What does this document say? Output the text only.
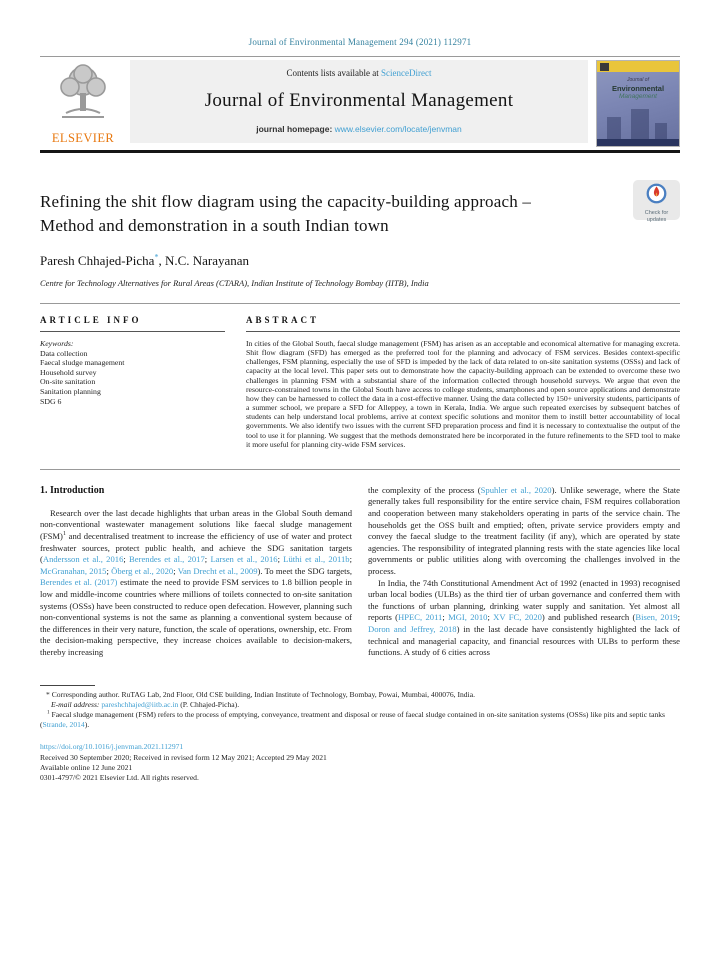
Journal of Environmental Management 294 (2021) 112971
ELSEVIER
Contents lists available at ScienceDirect
Journal of Environmental Management
journal homepage: www.elsevier.com/locate/jenvman
Journal of
Environmental
Management
Refining the shit flow diagram using the capacity-building approach –
Method and demonstration in a south Indian town
Check for
updates
Paresh Chhajed-Picha*, N.C. Narayanan
Centre for Technology Alternatives for Rural Areas (CTARA), Indian Institute of Technology Bombay (IITB), India
ARTICLE INFO
Keywords:
Data collection
Faecal sludge management
Household survey
On-site sanitation
Sanitation planning
SDG 6
ABSTRACT
In cities of the Global South, faecal sludge management (FSM) has arisen as an acceptable and economical alternative for managing excreta. Shit flow diagram (SFD) has emerged as the preferred tool for the planning and advocacy of FSM services. Besides context-specific challenges, FSM planning, especially the use of SFD is impeded by the lack of data related to on-site sanitation systems (OSSs) and lack of capacity at the local level. This paper sets out to demonstrate how the capacity-building approach can be extended to overcome these two challenges in planning FSM with a substantial share of the information collected through household surveys. We argue that even the resource-constrained towns in the Global South have access to college students, smartphones and open source applications and demonstrate how they can be harnessed to collect the data in a cost-effective manner. Using the data collected by 150+ university students, participants of a summer school, we prepare a SFD for Alleppey, a town in Kerala, India. We argue such repeated exercises by subsequent batches of students can help understand local problems, arrive at context specific solutions and monitor them to instill better accountability of local governments. We also identify two issues with the current SFD preparation process and find it is necessary to contextualise the output of the tool to use it for planning. We suggest that the methods demonstrated here be incorporated in the future refinements to the SFD tool to make it more useful for planning city-wide FSM services.
1. Introduction

Research over the last decade highlights that urban areas in the Global South demand non-conventional wastewater management solutions like faecal sludge management (FSM)$^1$ and decentralised treatment to increase the efficiency of use of water and protect freshwater sources, protect public health, and achieve the SDG sanitation targets (Andersson et al., 2016; Berendes et al., 2017; Larsen et al., 2016; Lüthi et al., 2011b; McGranahan, 2015; Öberg et al., 2020; Van Drecht et al., 2009). To meet the SDG targets, Berendes et al. (2017) estimate the need to provide FSM services to 1.8 billion people in low and middle-income countries where millions of toilets connected to on-site sanitation systems (OSSs) have been constructed to reduce open defecation. However, planning such non-conventional systems is not the same as planning a conventional system because of the differences in their very nature, function, the scale of operations, ownership, etc. From the decision-making perspective, they increase choices available to decision-makers, thereby increasing

the complexity of the process (Spuhler et al., 2020). Unlike sewerage, where the State generally takes full responsibility for the entire service chain, FSM requires collaboration and cooperation between many stakeholders operating in parts of the service chain. The households get the OSS built and emptied; often, private service providers empty and convey the faecal sludge to the treatment facility (if any), which are operated by state agencies. The responsibility of integrated planning rests with the state agencies like local governments or public utilities along with overcoming the challenges involved in the process.

In India, the 74th Constitutional Amendment Act of 1992 (enacted in 1993) recognised urban local bodies (ULBs) as the third tier of urban governance and conferred them with the functions of urban planning, drinking water supply and sanitation. Yet almost all reports (HPEC, 2011; MGI, 2010; XV FC, 2020) and published research (Bisen, 2019; Doron and Jeffrey, 2018) in the last decade have consistently highlighted the lack of technical and managerial capacity, and financial resources with ULBs to perform these functions. A study of 6 cities across

* Corresponding author. RuTAG Lab, 2nd Floor, Old CSE building, Indian Institute of Technology, Bombay, Powai, Mumbai, 400076, India.

E-mail address: pareshchhajed@iitb.ac.in (P. Chhajed-Picha).

$^1$ Faecal sludge management (FSM) refers to the process of emptying, conveyance, treatment and disposal or reuse of faecal sludge contained in on-site sanitation systems (OSSs) like pits and septic tanks (Strande, 2014).

https://doi.org/10.1016/j.jenvman.2021.112971
Received 30 September 2020; Received in revised form 12 May 2021; Accepted 29 May 2021
Available online 12 June 2021
0301-4797/© 2021 Elsevier Ltd. All rights reserved.
